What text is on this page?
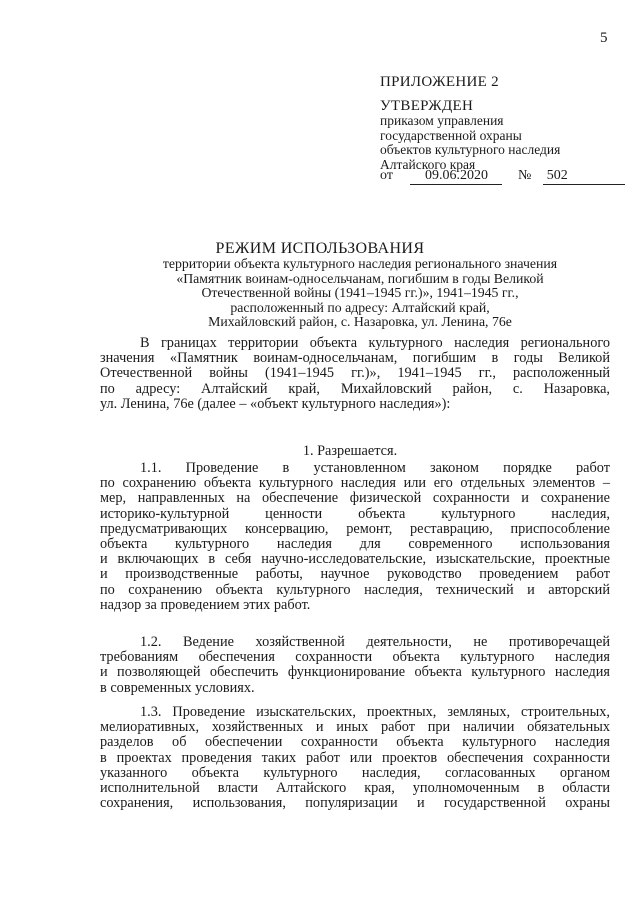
5
ПРИЛОЖЕНИЕ 2
УТВЕРЖДЕН
приказом управления
государственной охраны
объектов культурного наследия
Алтайского края
от 09.06.2020 № 502
РЕЖИМ ИСПОЛЬЗОВАНИЯ
территории объекта культурного наследия регионального значения
«Памятник воинам-односельчанам, погибшим в годы Великой
Отечественной войны (1941–1945 гг.)», 1941–1945 гг.,
расположенный по адресу: Алтайский край,
Михайловский район, с. Назаровка, ул. Ленина, 76е
В границах территории объекта культурного наследия регионального
значения «Памятник воинам-односельчанам, погибшим в годы Великой
Отечественной войны (1941–1945 гг.)», 1941–1945 гг., расположенный
по адресу: Алтайский край, Михайловский район, с. Назаровка,
ул. Ленина, 76е (далее – «объект культурного наследия»):
1. Разрешается.
1.1. Проведение в установленном законом порядке работ
по сохранению объекта культурного наследия или его отдельных элементов –
мер, направленных на обеспечение физической сохранности и сохранение
историко-культурной ценности объекта культурного наследия,
предусматривающих консервацию, ремонт, реставрацию, приспособление
объекта культурного наследия для современного использования
и включающих в себя научно-исследовательские, изыскательские, проектные
и производственные работы, научное руководство проведением работ
по сохранению объекта культурного наследия, технический и авторский
надзор за проведением этих работ.
1.2. Ведение хозяйственной деятельности, не противоречащей
требованиям обеспечения сохранности объекта культурного наследия
и позволяющей обеспечить функционирование объекта культурного наследия
в современных условиях.
1.3. Проведение изыскательских, проектных, земляных, строительных,
мелиоративных, хозяйственных и иных работ при наличии обязательных
разделов об обеспечении сохранности объекта культурного наследия
в проектах проведения таких работ или проектов обеспечения сохранности
указанного объекта культурного наследия, согласованных органом
исполнительной власти Алтайского края, уполномоченным в области
сохранения, использования, популяризации и государственной охраны
